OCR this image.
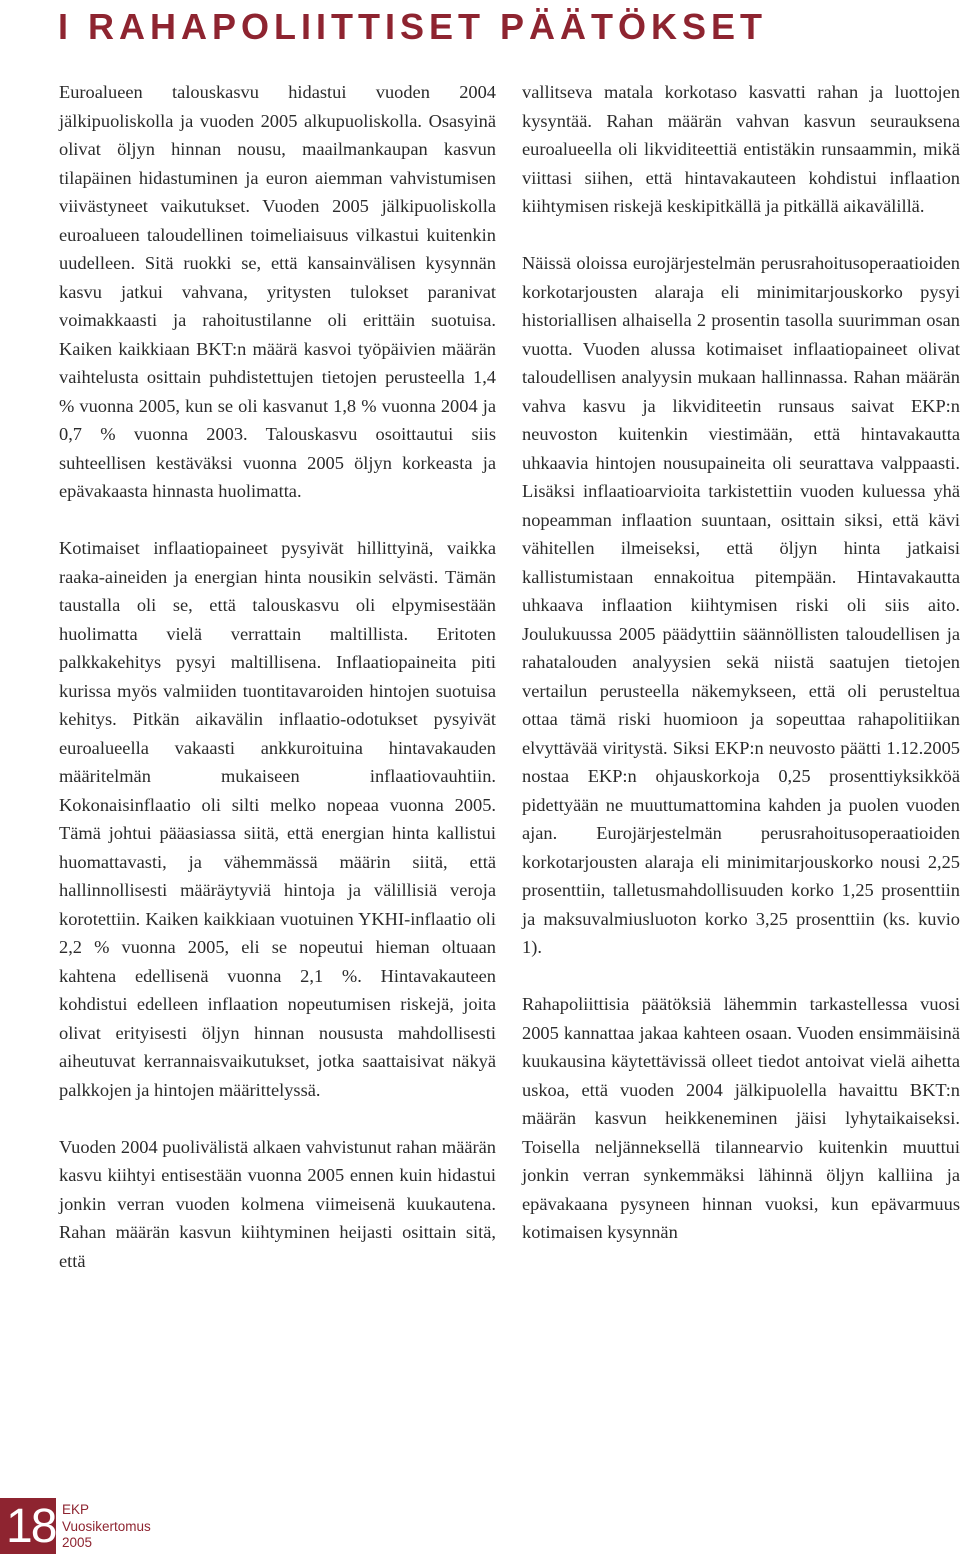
I RAHAPOLIITTISET PÄÄTÖKSET

Euroalueen talouskasvu hidastui vuoden 2004 jälkipuoliskolla ja vuoden 2005 alkupuoliskolla. Osasyinä olivat öljyn hinnan nousu, maailmankaupan kasvun tilapäinen hidastuminen ja euron aiemman vahvistumisen viivästyneet vaikutukset. Vuoden 2005 jälkipuoliskolla euroalueen taloudellinen toimeliaisuus vilkastui kuitenkin uudelleen. Sitä ruokki se, että kansainvälisen kysynnän kasvu jatkui vahvana, yritysten tulokset paranivat voimakkaasti ja rahoitustilanne oli erittäin suotuisa. Kaiken kaikkiaan BKT:n määrä kasvoi työpäivien määrän vaihtelusta osittain puhdistettujen tietojen perusteella 1,4 % vuonna 2005, kun se oli kasvanut 1,8 % vuonna 2004 ja 0,7 % vuonna 2003. Talouskasvu osoittautui siis suhteellisen kestäväksi vuonna 2005 öljyn korkeasta ja epävakaasta hinnasta huolimatta.

Kotimaiset inflaatiopaineet pysyivät hillittyinä, vaikka raaka-aineiden ja energian hinta nousikin selvästi. Tämän taustalla oli se, että talouskasvu oli elpymisestään huolimatta vielä verrattain maltillista. Eritoten palkkakehitys pysyi maltillisena. Inflaatiopaineita piti kurissa myös valmiiden tuontitavaroiden hintojen suotuisa kehitys. Pitkän aikavälin inflaatio-odotukset pysyivät euroalueella vakaasti ankkuroituina hintavakauden määritelmän mukaiseen inflaatiovauhtiin. Kokonaisinflaatio oli silti melko nopeaa vuonna 2005. Tämä johtui pääasiassa siitä, että energian hinta kallistui huomattavasti, ja vähemmässä määrin siitä, että hallinnollisesti määräytyviä hintoja ja välillisiä veroja korotettiin. Kaiken kaikkiaan vuotuinen YKHI-inflaatio oli 2,2 % vuonna 2005, eli se nopeutui hieman oltuaan kahtena edellisenä vuonna 2,1 %. Hintavakauteen kohdistui edelleen inflaation nopeutumisen riskejä, joita olivat erityisesti öljyn hinnan noususta mahdollisesti aiheutuvat kerrannaisvaikutukset, jotka saattaisivat näkyä palkkojen ja hintojen määrittelyssä.

Vuoden 2004 puolivälistä alkaen vahvistunut rahan määrän kasvu kiihtyi entisestään vuonna 2005 ennen kuin hidastui jonkin verran vuoden kolmena viimeisenä kuukautena. Rahan määrän kasvun kiihtyminen heijasti osittain sitä, että

vallitseva matala korkotaso kasvatti rahan ja luottojen kysyntää. Rahan määrän vahvan kasvun seurauksena euroalueella oli likviditeettiä entistäkin runsaammin, mikä viittasi siihen, että hintavakauteen kohdistui inflaation kiihtymisen riskejä keskipitkällä ja pitkällä aikavälillä.

Näissä oloissa eurojärjestelmän perusrahoitusoperaatioiden korkotarjousten alaraja eli minimitarjouskorko pysyi historiallisen alhaisella 2 prosentin tasolla suurimman osan vuotta. Vuoden alussa kotimaiset inflaatiopaineet olivat taloudellisen analyysin mukaan hallinnassa. Rahan määrän vahva kasvu ja likviditeetin runsaus saivat EKP:n neuvoston kuitenkin viestimään, että hintavakautta uhkaavia hintojen nousupaineita oli seurattava valppaasti. Lisäksi inflaatioarvioita tarkistettiin vuoden kuluessa yhä nopeamman inflaation suuntaan, osittain siksi, että kävi vähitellen ilmeiseksi, että öljyn hinta jatkaisi kallistumistaan ennakoitua pitempään. Hintavakautta uhkaava inflaation kiihtymisen riski oli siis aito. Joulukuussa 2005 päädyttiin säännöllisten taloudellisen ja rahatalouden analyysien sekä niistä saatujen tietojen vertailun perusteella näkemykseen, että oli perusteltua ottaa tämä riski huomioon ja sopeuttaa rahapolitiikan elvyttävää viritystä. Siksi EKP:n neuvosto päätti 1.12.2005 nostaa EKP:n ohjauskorkoja 0,25 prosenttiyksikköä pidettyään ne muuttumattomina kahden ja puolen vuoden ajan. Eurojärjestelmän perusrahoitusoperaatioiden korkotarjousten alaraja eli minimitarjouskorko nousi 2,25 prosenttiin, talletusmahdollisuuden korko 1,25 prosenttiin ja maksuvalmiusluoton korko 3,25 prosenttiin (ks. kuvio 1).

Rahapoliittisia päätöksiä lähemmin tarkastellessa vuosi 2005 kannattaa jakaa kahteen osaan. Vuoden ensimmäisinä kuukausina käytettävissä olleet tiedot antoivat vielä aihetta uskoa, että vuoden 2004 jälkipuolella havaittu BKT:n määrän kasvun heikkeneminen jäisi lyhytaikaiseksi. Toisella neljänneksellä tilannearvio kuitenkin muuttui jonkin verran synkemmäksi lähinnä öljyn kalliina ja epävakaana pysyneen hinnan vuoksi, kun epävarmuus kotimaisen kysynnän

18 EKP
Vuosikertomus
2005
